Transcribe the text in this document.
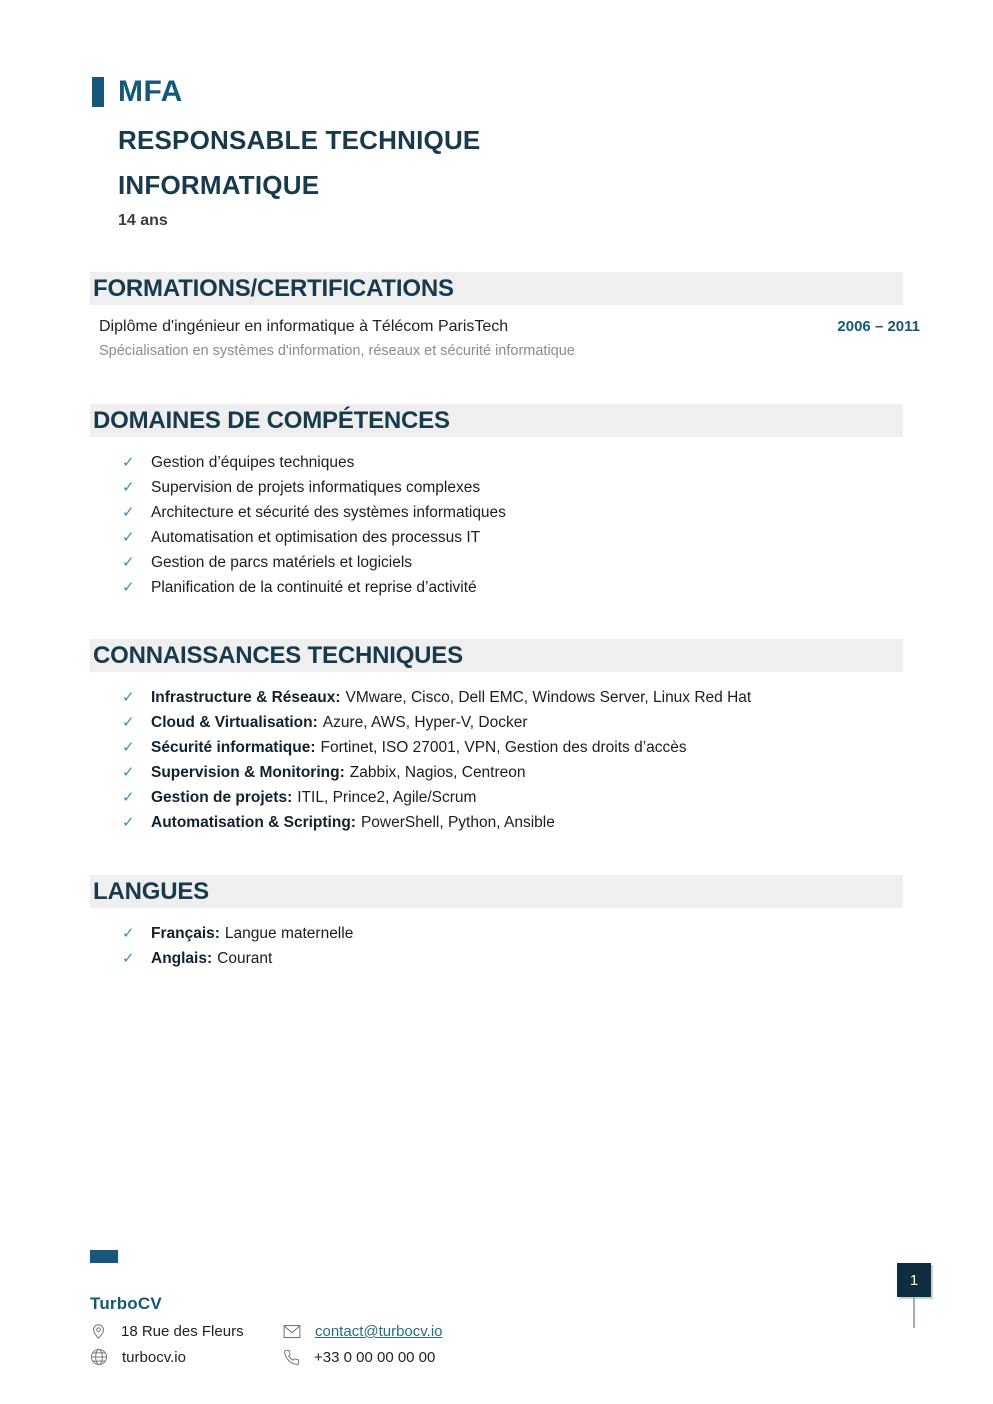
MFA
RESPONSABLE TECHNIQUE
INFORMATIQUE
14 ans
FORMATIONS/CERTIFICATIONS
Diplôme d'ingénieur en informatique à Télécom ParisTech	2006 – 2011
Spécialisation en systèmes d'information, réseaux et sécurité informatique
DOMAINES DE COMPÉTENCES
✓ Gestion d’équipes techniques
✓ Supervision de projets informatiques complexes
✓ Architecture et sécurité des systèmes informatiques
✓ Automatisation et optimisation des processus IT
✓ Gestion de parcs matériels et logiciels
✓ Planification de la continuité et reprise d’activité
CONNAISSANCES TECHNIQUES
✓ Infrastructure & Réseaux: VMware, Cisco, Dell EMC, Windows Server, Linux Red Hat
✓ Cloud & Virtualisation: Azure, AWS, Hyper-V, Docker
✓ Sécurité informatique: Fortinet, ISO 27001, VPN, Gestion des droits d’accès
✓ Supervision & Monitoring: Zabbix, Nagios, Centreon
✓ Gestion de projets: ITIL, Prince2, Agile/Scrum
✓ Automatisation & Scripting: PowerShell, Python, Ansible
LANGUES
✓ Français: Langue maternelle
✓ Anglais: Courant
TurboCV
18 Rue des Fleurs	contact@turbocv.io
turbocv.io	+33 0 00 00 00 00
1
